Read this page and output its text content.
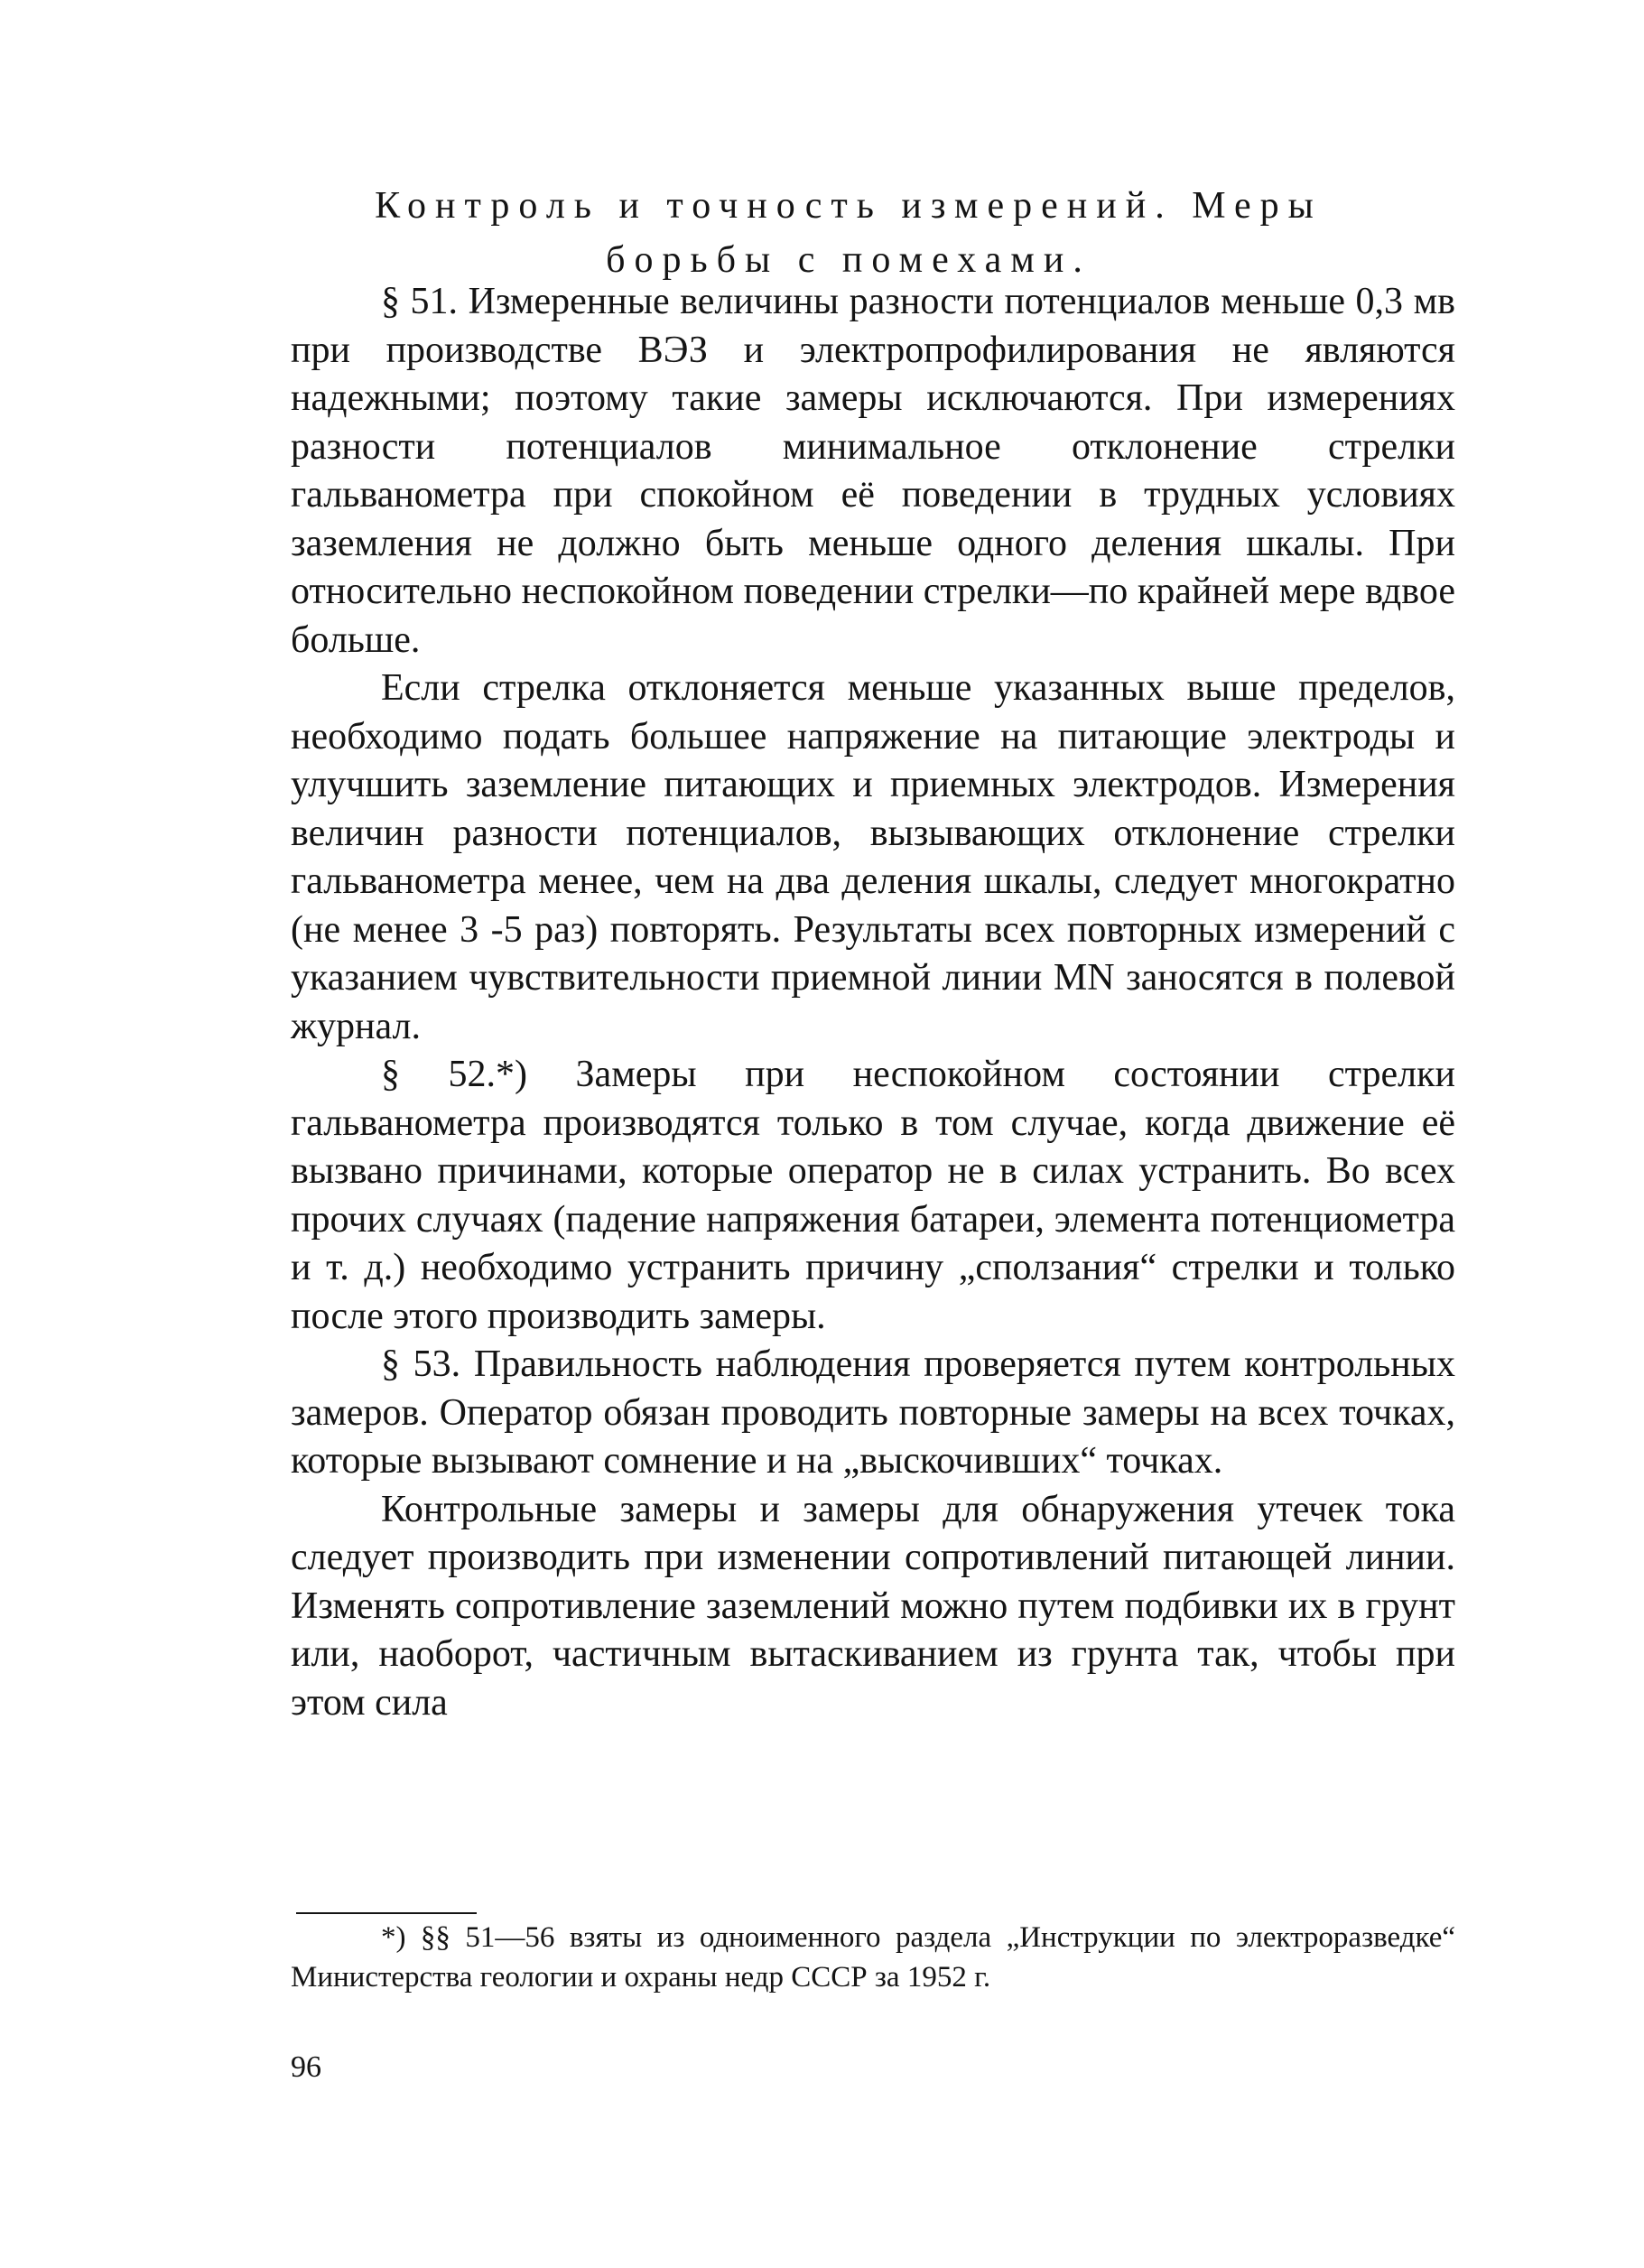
Контроль и точность измерений. Меры борьбы с помехами.

§ 51. Измеренные величины разности потенциалов меньше 0,3 мв при производстве ВЭЗ и электропрофилирования не являются надежными; поэтому такие замеры исключаются. При измерениях разности потенциалов минимальное отклонение стрелки гальванометра при спокойном её поведении в трудных условиях заземления не должно быть меньше одного деления шкалы. При относительно неспокойном поведении стрелки—по крайней мере вдвое больше.

Если стрелка отклоняется меньше указанных выше пределов, необходимо подать большее напряжение на питающие электроды и улучшить заземление питающих и приемных электродов. Измерения величин разности потенциалов, вызывающих отклонение стрелки гальванометра менее, чем на два деления шкалы, следует многократно (не менее 3 -5 раз) повторять. Результаты всех повторных измерений с указанием чувствительности приемной линии MN заносятся в полевой журнал.

§ 52.*) Замеры при неспокойном состоянии стрелки гальванометра производятся только в том случае, когда движение её вызвано причинами, которые оператор не в силах устранить. Во всех прочих случаях (падение напряжения батареи, элемента потенциометра и т. д.) необходимо устранить причину „сползания“ стрелки и только после этого производить замеры.

§ 53. Правильность наблюдения проверяется путем контрольных замеров. Оператор обязан проводить повторные замеры на всех точках, которые вызывают сомнение и на „выскочивших“ точках.

Контрольные замеры и замеры для обнаружения утечек тока следует производить при изменении сопротивлений питающей линии. Изменять сопротивление заземлений можно путем подбивки их в грунт или, наоборот, частичным вытаскиванием из грунта так, чтобы при этом сила

*) §§ 51—56 взяты из одноименного раздела „Инструкции по электроразведке“ Министерства геологии и охраны недр СССР за 1952 г.

96
